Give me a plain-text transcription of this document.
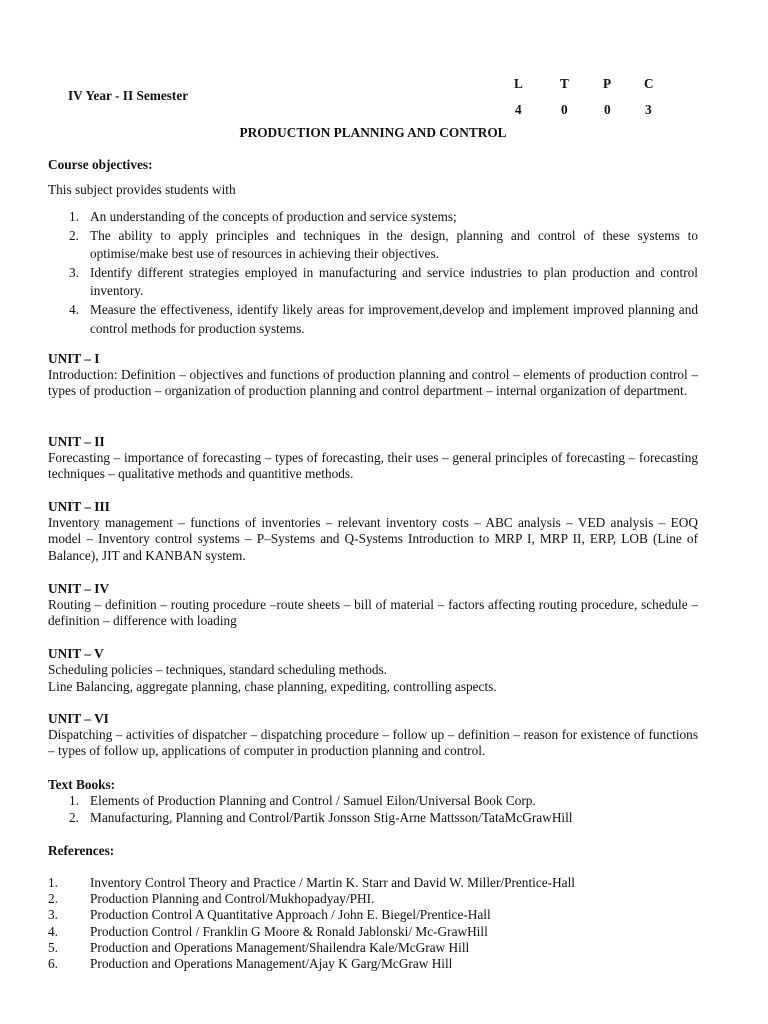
IV Year - II Semester
L	T	P C
4	0	0	3
PRODUCTION PLANNING AND CONTROL
Course objectives:
This subject provides students with
1. An understanding of the concepts of production and service systems;
2. The ability to apply principles and techniques in the design, planning and control of these systems to optimise/make best use of resources in achieving their objectives.
3. Identify different strategies employed in manufacturing and service industries to plan production and control inventory.
4. Measure the effectiveness, identify likely areas for improvement,develop and implement improved planning and control methods for production systems.
UNIT – I
Introduction: Definition – objectives and functions of production planning and control – elements of production control – types of production – organization of production planning and control department – internal organization of department.
UNIT – II
Forecasting – importance of forecasting – types of forecasting, their uses – general principles of forecasting – forecasting techniques – qualitative methods and quantitive methods.
UNIT – III
Inventory management – functions of inventories – relevant inventory costs – ABC analysis – VED analysis – EOQ model – Inventory control systems – P–Systems and Q-Systems Introduction to MRP I, MRP II, ERP, LOB (Line of Balance), JIT and KANBAN system.
UNIT – IV
Routing – definition – routing procedure –route sheets – bill of material – factors affecting routing procedure, schedule –definition – difference with loading
UNIT – V
Scheduling policies – techniques, standard scheduling methods.
Line Balancing, aggregate planning, chase planning, expediting, controlling aspects.
UNIT – VI
Dispatching – activities of dispatcher – dispatching procedure – follow up – definition – reason for existence of functions – types of follow up, applications of computer in production planning and control.
Text Books:
1. Elements of Production Planning and Control / Samuel Eilon/Universal Book Corp.
2. Manufacturing, Planning and Control/Partik Jonsson Stig-Arne Mattsson/TataMcGrawHill
References:
1. Inventory Control Theory and Practice / Martin K. Starr and David W. Miller/Prentice-Hall
2. Production Planning and Control/Mukhopadyay/PHI.
3. Production Control A Quantitative Approach / John E. Biegel/Prentice-Hall
4. Production Control / Franklin G Moore & Ronald Jablonski/ Mc-GrawHill
5. Production and Operations Management/Shailendra Kale/McGraw Hill
6. Production and Operations Management/Ajay K Garg/McGraw Hill
